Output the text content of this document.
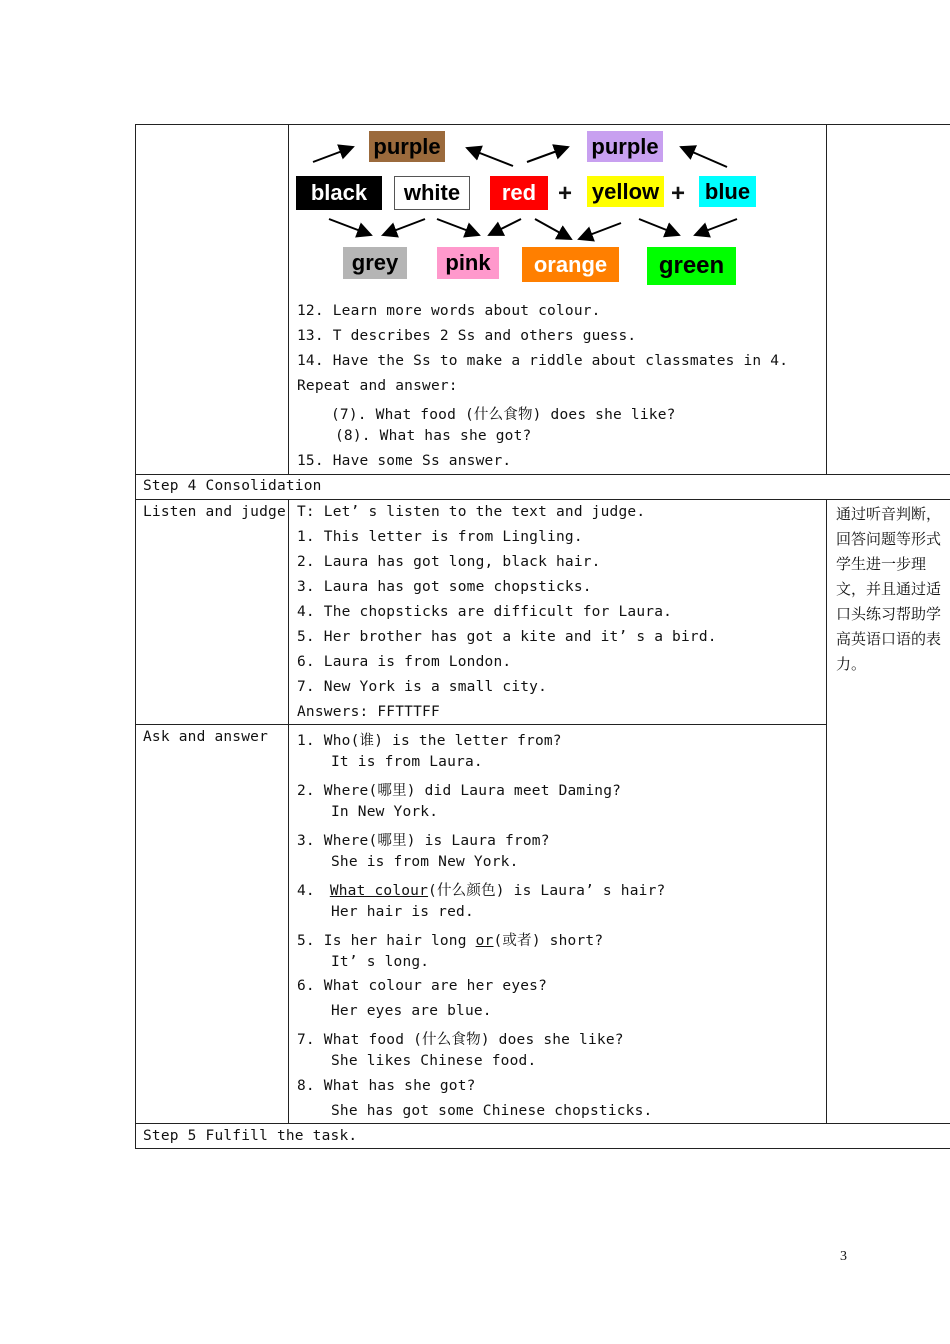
purple	purple
black	white	red + yellow + blue
grey	pink	orange	green
12. Learn more words about colour.
13. T describes 2 Ss and others guess.
14. Have the Ss to make a riddle about classmates in 4.
Repeat and answer:
(7). What food (什么食物) does she like?
(8). What has she got?
15. Have some Ss answer.
Step 4 Consolidation
Listen and judge T: Let’ s listen to the text and judge.
1. This letter is from Lingling.
2. Laura has got long, black hair.
3. Laura has got some chopsticks.
4. The chopsticks are difficult for Laura.
5. Her brother has got a kite and it’ s a bird.
6. Laura is from London.
7. New York is a small city.
Answers: FFTTTFF
通过听音判断，
回答问题等形式
学生进一步理
文，并且通过适
口头练习帮助学
高英语口语的表
力。
Ask and answer 1. Who(谁) is the letter from?
It is from Laura.
2. Where(哪里) did Laura meet Daming?
In New York.
3. Where(哪里) is Laura from?
She is from New York.
4. What colour(什么颜色) is Laura’ s hair?
Her hair is red.
5. Is her hair long or(或者) short?
It’ s long.
6. What colour are her eyes?
Her eyes are blue.
7. What food (什么食物) does she like?
She likes Chinese food.
8. What has she got?
She has got some Chinese chopsticks.
Step 5 Fulfill the task.
3
